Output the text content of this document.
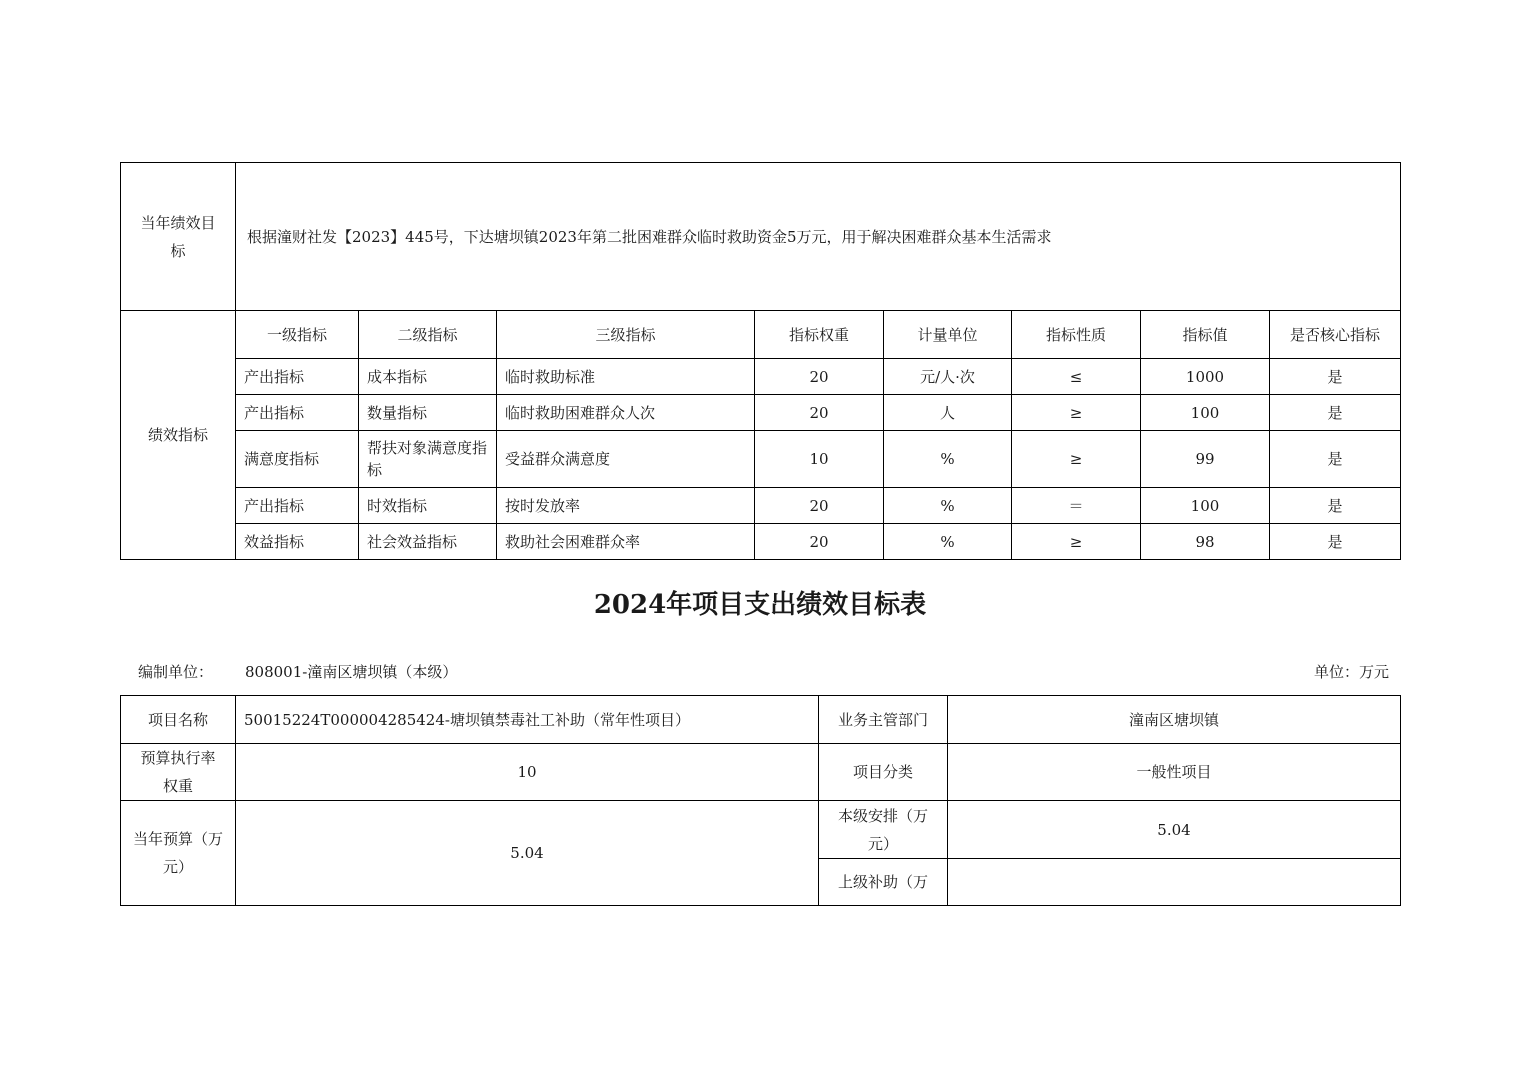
当年绩效目标	根据潼财社发【2023】445号，下达塘坝镇2023年第二批困难群众临时救助资金5万元，用于解决困难群众基本生活需求							
绩效指标	一级指标	二级指标	三级指标	指标权重	计量单位	指标性质	指标值	是否核心指标
	产出指标	成本指标	临时救助标准	20	元/人·次	≤	1000	是
	产出指标	数量指标	临时救助困难群众人次	20	人	≥	100	是
	满意度指标	帮扶对象满意度指标	受益群众满意度	10	%	≥	99	是
	产出指标	时效指标	按时发放率	20	%	＝	100	是
	效益指标	社会效益指标	救助社会困难群众率	20	%	≥	98	是
2024年项目支出绩效目标表
编制单位： 808001-潼南区塘坝镇（本级）	单位：万元
项目名称	50015224T000004285424-塘坝镇禁毒社工补助（常年性项目）	业务主管部门	潼南区塘坝镇
预算执行率权重	10	项目分类	一般性项目
当年预算（万元）	5.04	本级安排（万元）	5.04
		上级补助（万	
